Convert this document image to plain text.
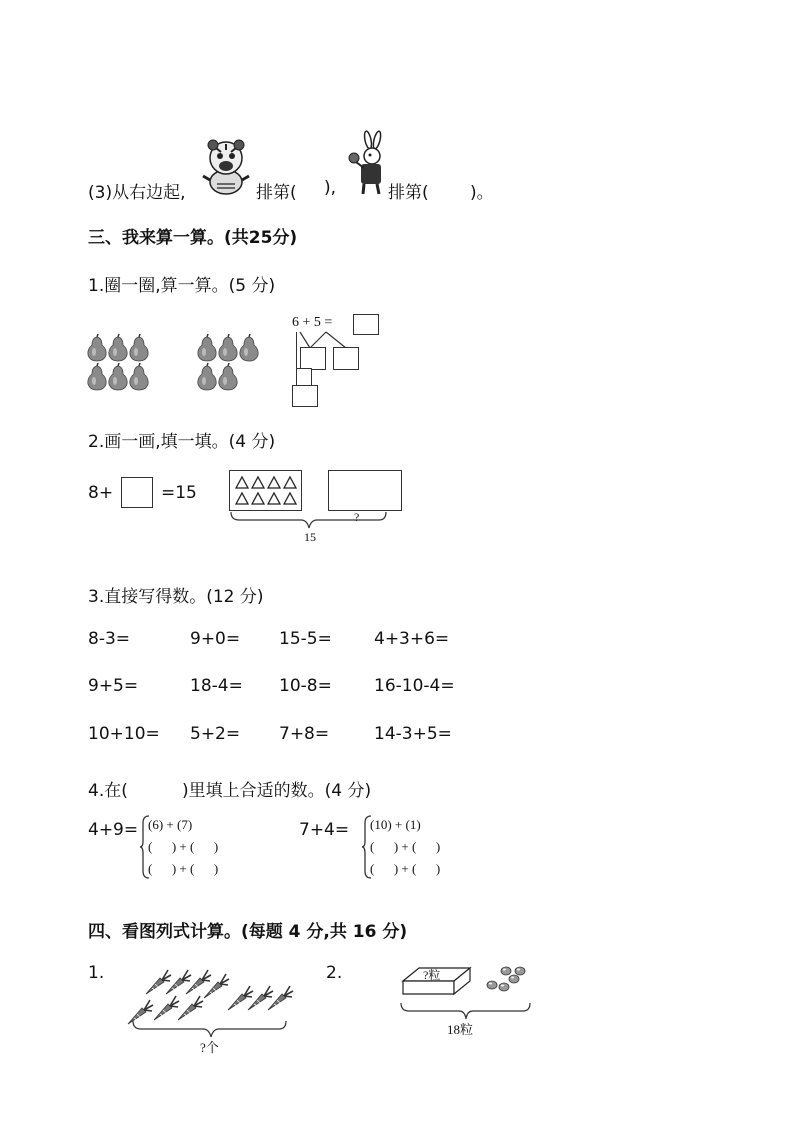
(3)从右边起,	排第( ),	排第( )。
三、我来算一算。(共25分)
1.圈一圈,算一算。(5 分)
6 + 5 =
2.画一画,填一填。(4 分)
8+	=15
?
15
3.直接写得数。(12 分)
8-3=	9+0= 15-5= 4+3+6=
9+5=	18-4= 10-8= 16-10-4=
10+10= 5+2= 7+8=	14-3+5=
4.在(	)里填上合适的数。(4 分)
4+9= (6) + (7)
(      ) + (      )
(      ) + (      )
7+4= (10) + (1)
(      ) + (      )
(      ) + (      )
四、看图列式计算。(每题 4 分,共 16 分)
1.
?个
2.	?粒
18粒
